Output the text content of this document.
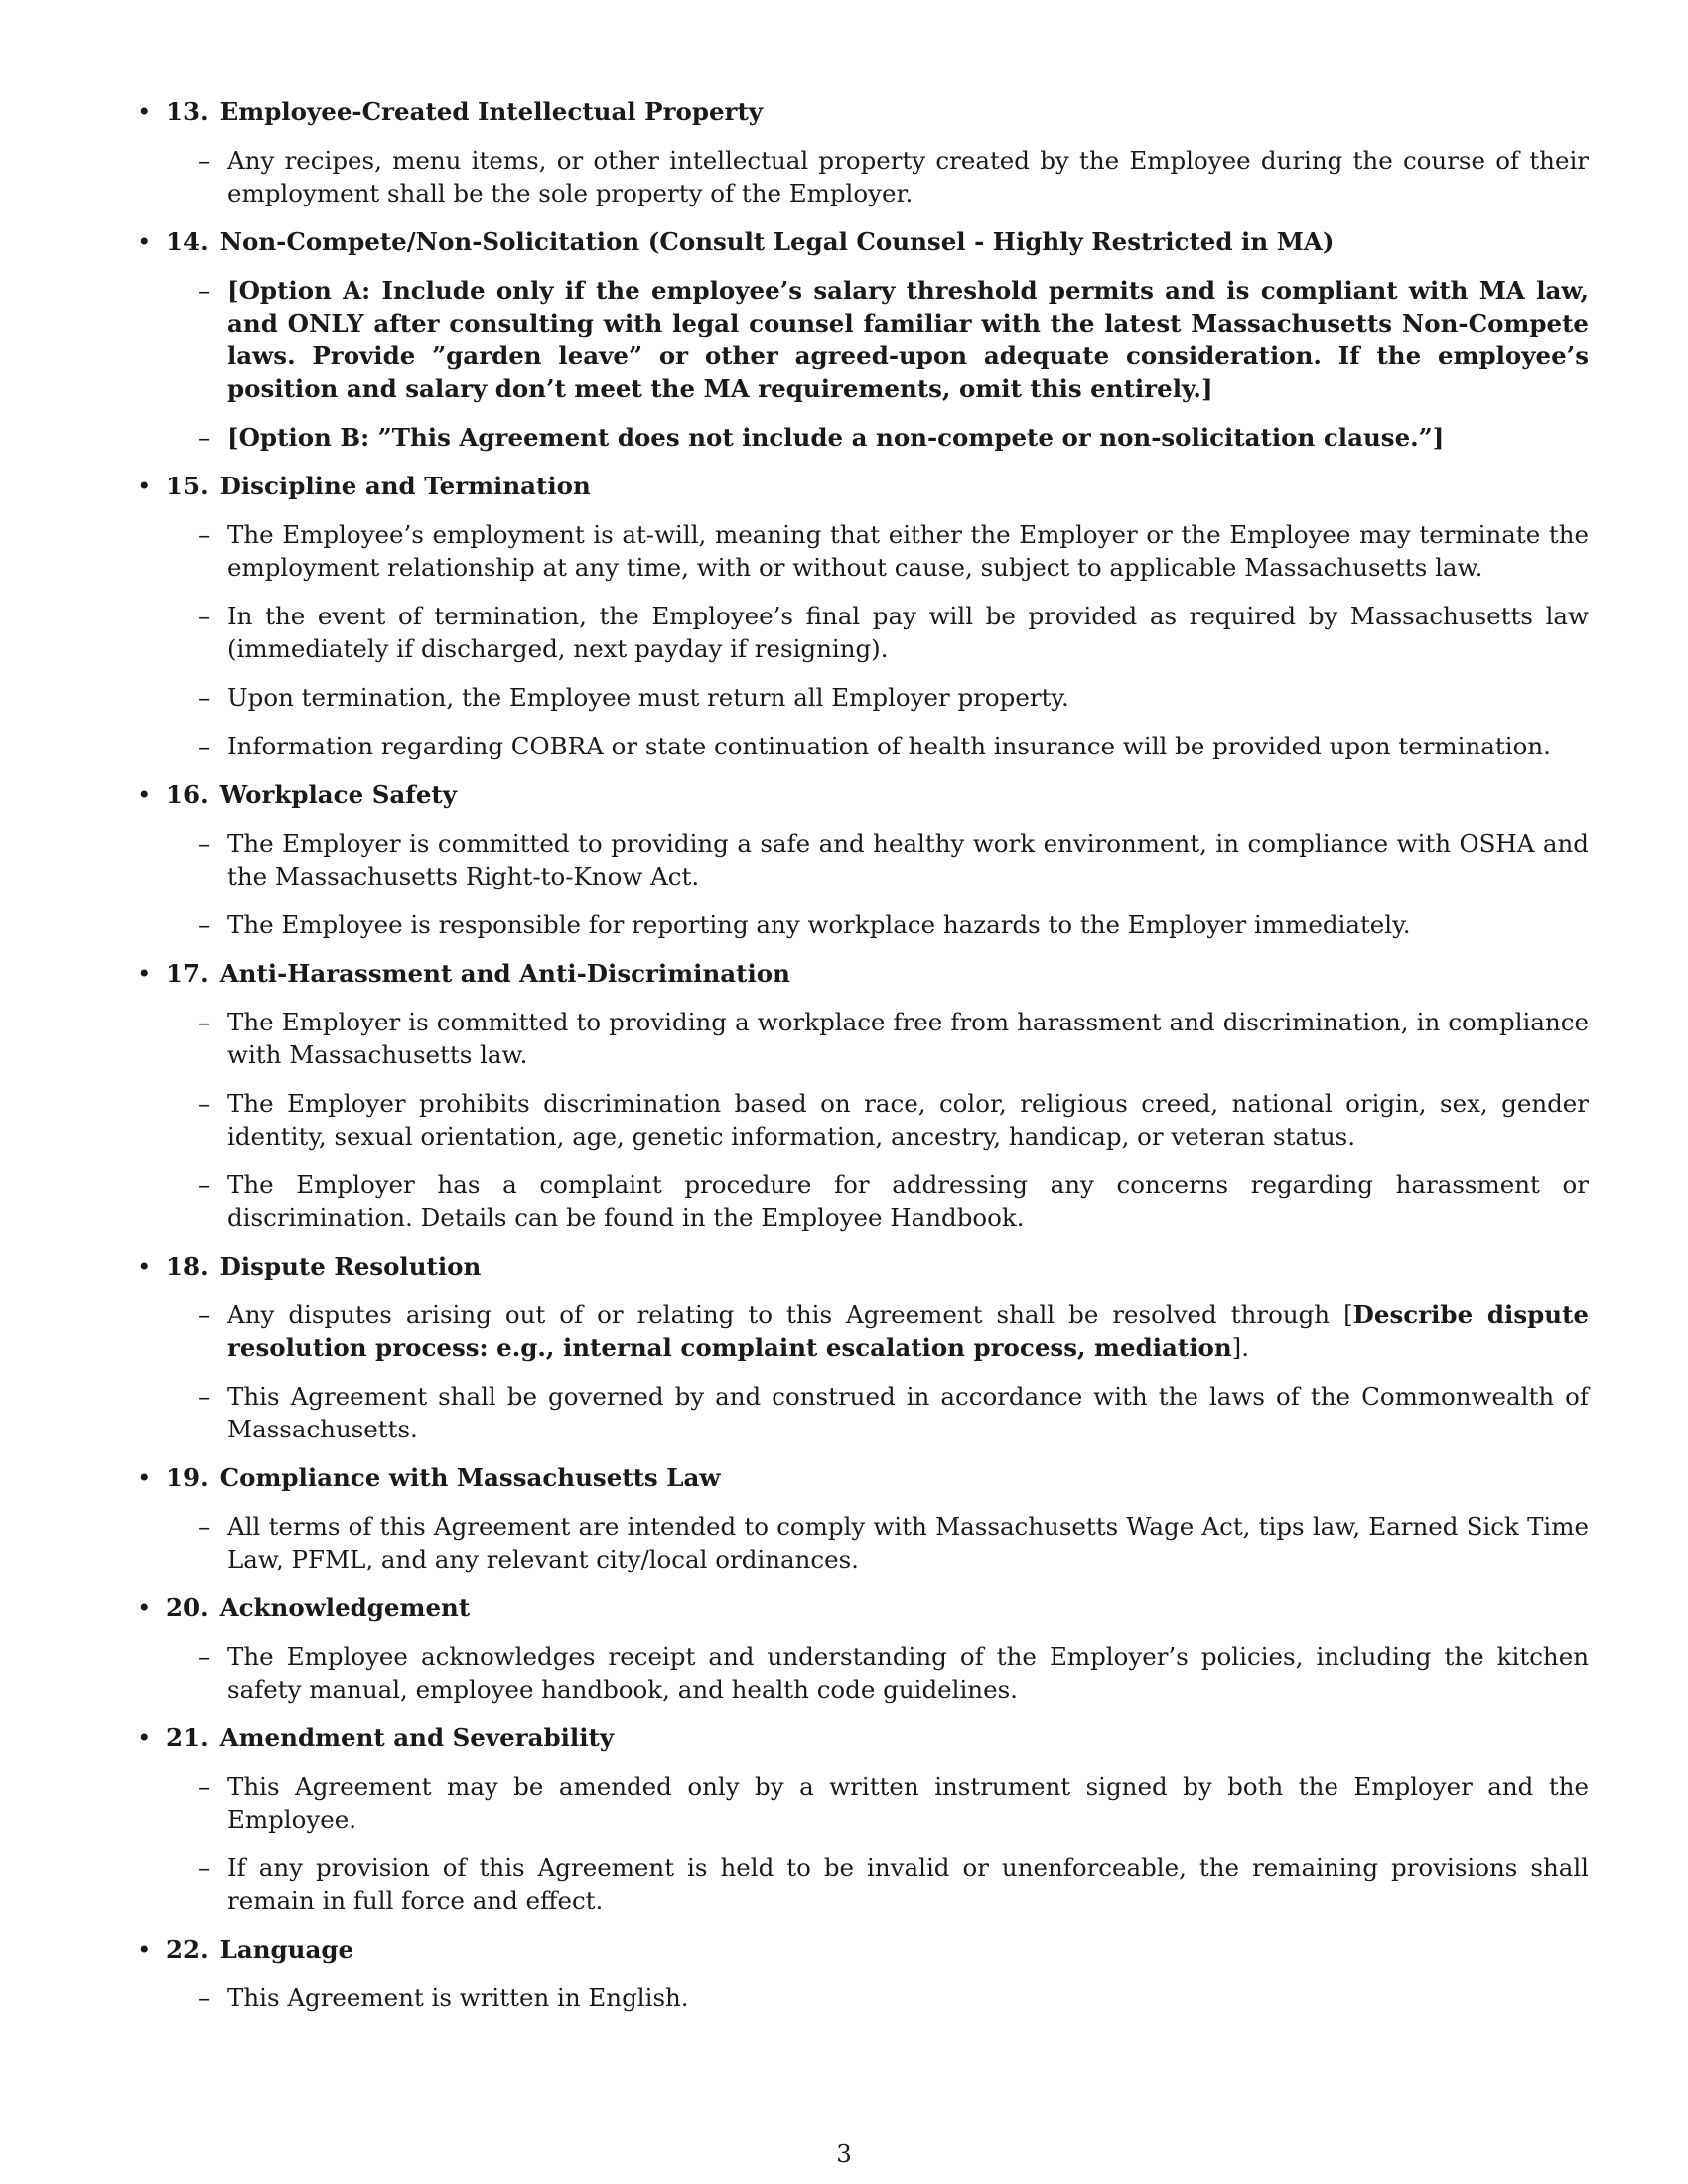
• 13. Employee-Created Intellectual Property
– Any recipes, menu items, or other intellectual property created by the Employee during the course of their employment shall be the sole property of the Employer.
• 14. Non-Compete/Non-Solicitation (Consult Legal Counsel - Highly Restricted in MA)
– [Option A: Include only if the employee’s salary threshold permits and is compliant with MA law, and ONLY after consulting with legal counsel familiar with the latest Massachusetts Non-Compete laws. Provide ”garden leave” or other agreed-upon adequate consideration. If the employee’s position and salary don’t meet the MA requirements, omit this entirely.]
– [Option B: ”This Agreement does not include a non-compete or non-solicitation clause.”]
• 15. Discipline and Termination
– The Employee’s employment is at-will, meaning that either the Employer or the Employee may terminate the employment relationship at any time, with or without cause, subject to applicable Massachusetts law.
– In the event of termination, the Employee’s final pay will be provided as required by Massachusetts law (immediately if discharged, next payday if resigning).
– Upon termination, the Employee must return all Employer property.
– Information regarding COBRA or state continuation of health insurance will be provided upon termination.
• 16. Workplace Safety
– The Employer is committed to providing a safe and healthy work environment, in compliance with OSHA and the Massachusetts Right-to-Know Act.
– The Employee is responsible for reporting any workplace hazards to the Employer immediately.
• 17. Anti-Harassment and Anti-Discrimination
– The Employer is committed to providing a workplace free from harassment and discrimination, in compliance with Massachusetts law.
– The Employer prohibits discrimination based on race, color, religious creed, national origin, sex, gender identity, sexual orientation, age, genetic information, ancestry, handicap, or veteran status.
– The Employer has a complaint procedure for addressing any concerns regarding harassment or discrimination. Details can be found in the Employee Handbook.
• 18. Dispute Resolution
– Any disputes arising out of or relating to this Agreement shall be resolved through [Describe dispute resolution process: e.g., internal complaint escalation process, mediation].
– This Agreement shall be governed by and construed in accordance with the laws of the Commonwealth of Massachusetts.
• 19. Compliance with Massachusetts Law
– All terms of this Agreement are intended to comply with Massachusetts Wage Act, tips law, Earned Sick Time Law, PFML, and any relevant city/local ordinances.
• 20. Acknowledgement
– The Employee acknowledges receipt and understanding of the Employer’s policies, including the kitchen safety manual, employee handbook, and health code guidelines.
• 21. Amendment and Severability
– This Agreement may be amended only by a written instrument signed by both the Employer and the Employee.
– If any provision of this Agreement is held to be invalid or unenforceable, the remaining provisions shall remain in full force and effect.
• 22. Language
– This Agreement is written in English.
3
